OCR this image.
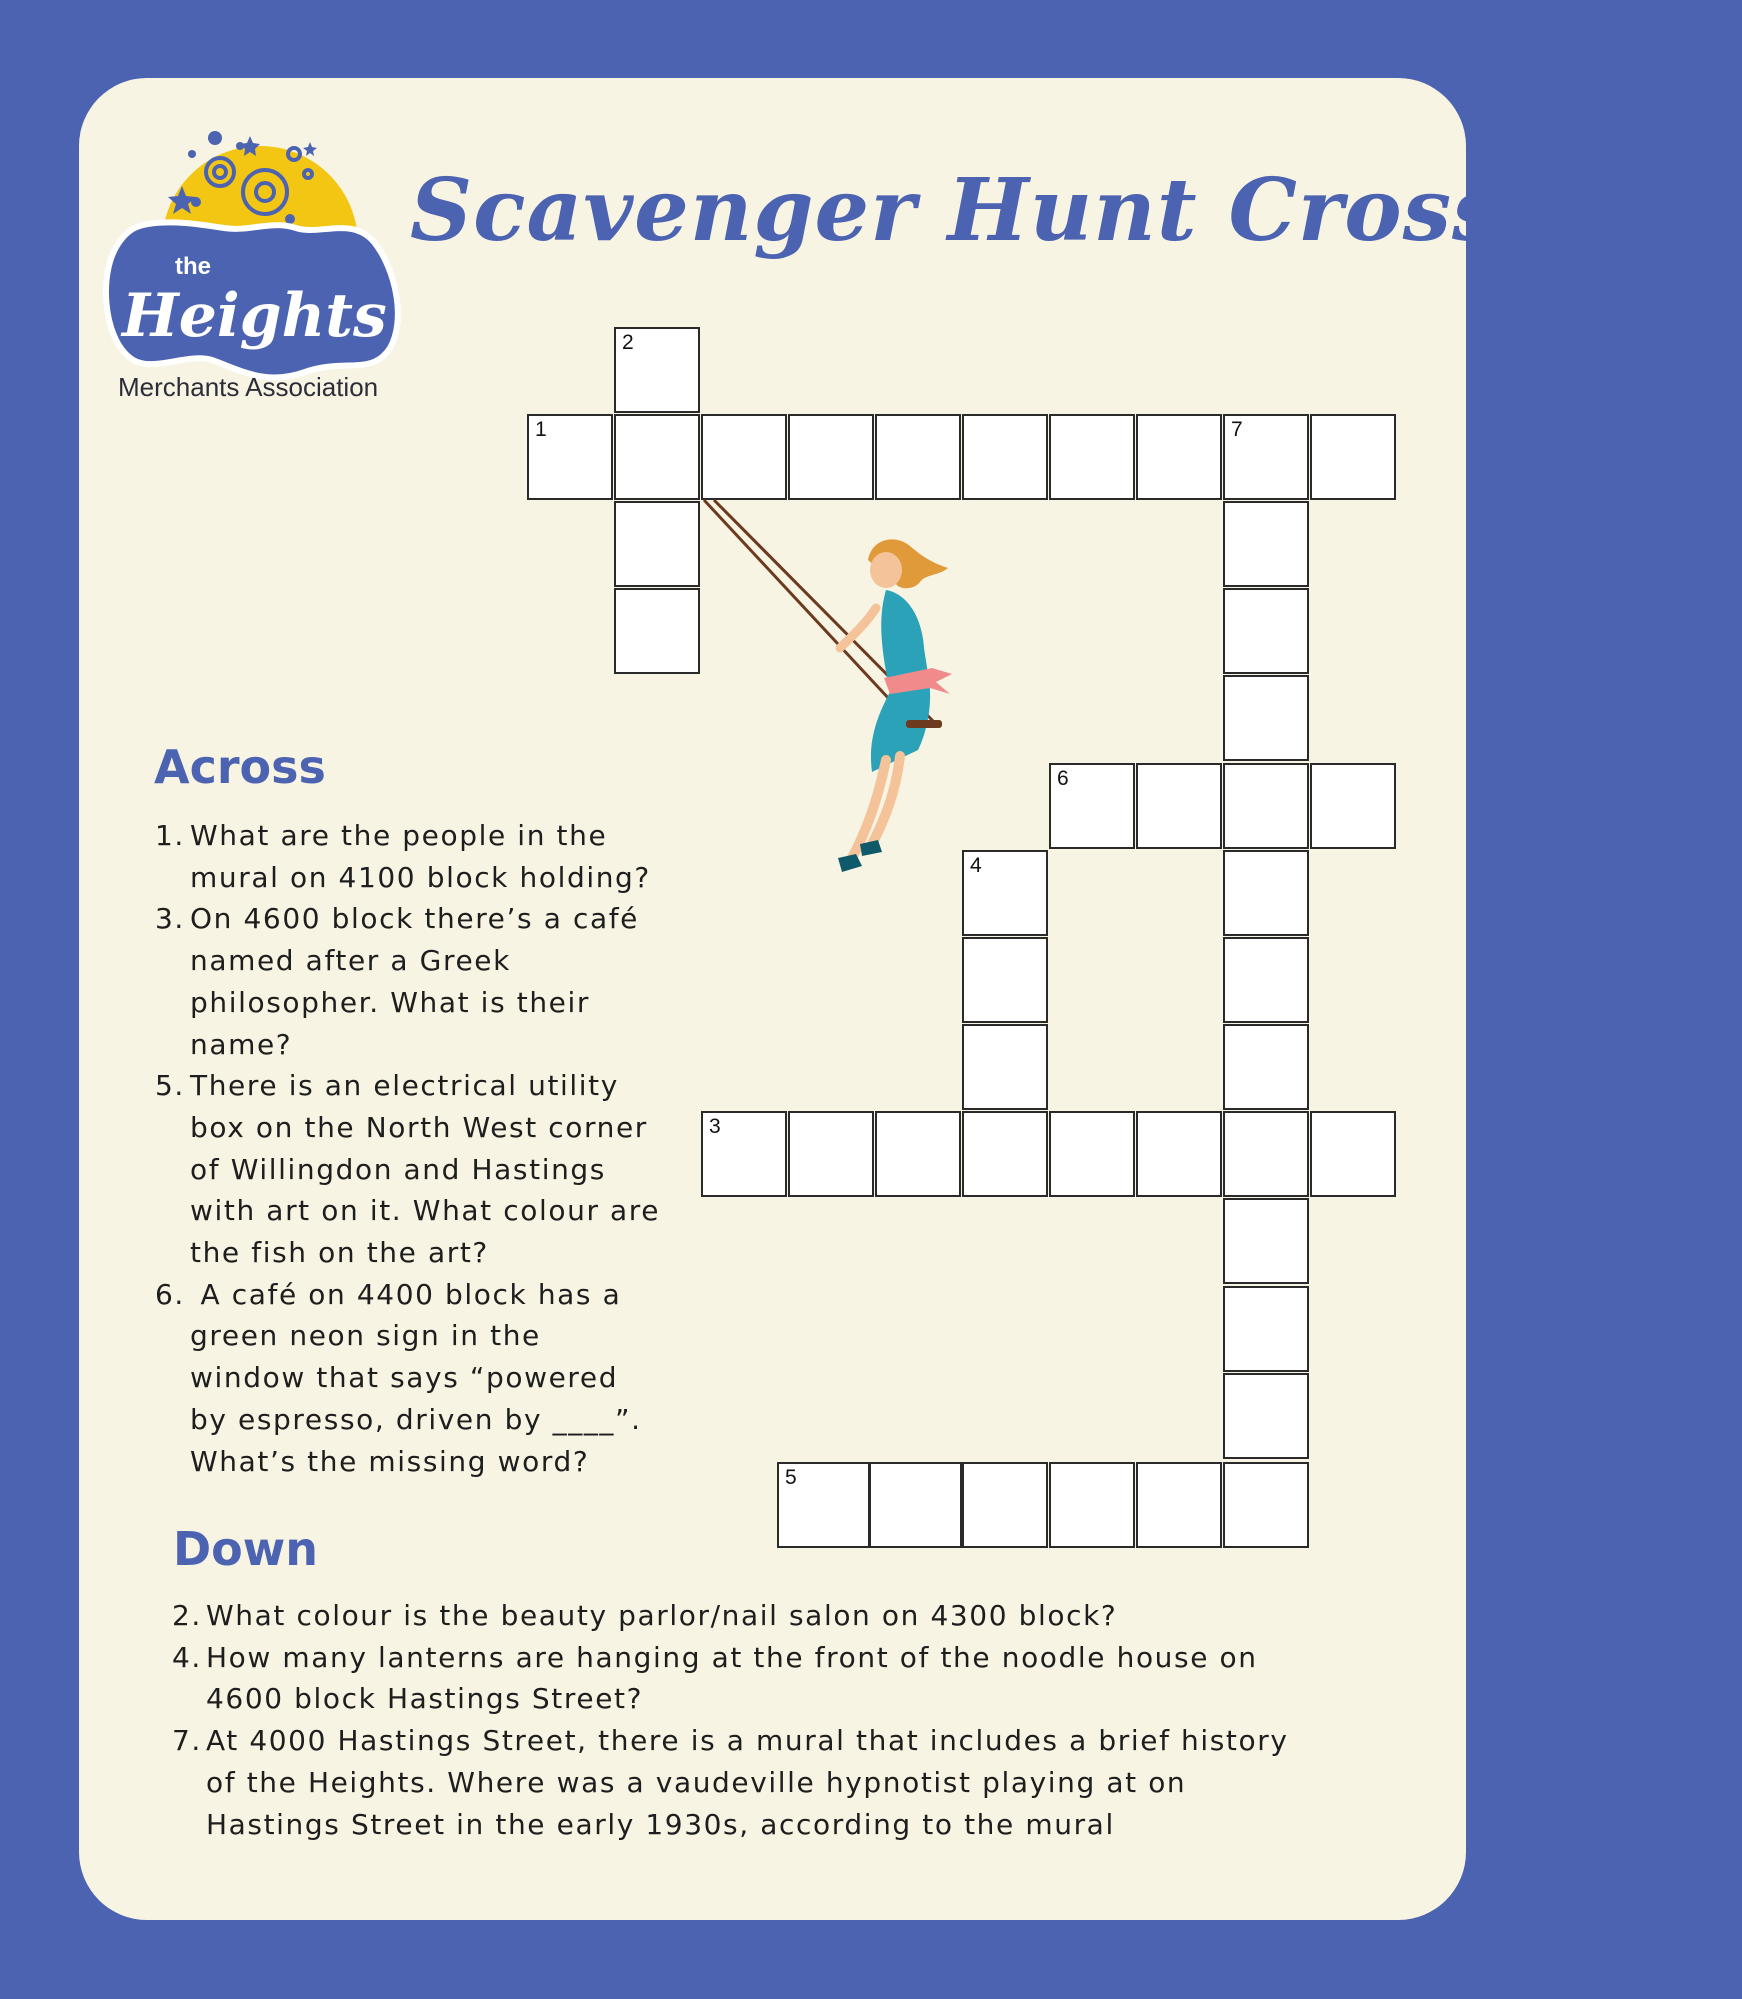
the
Heights
Merchants Association
Scavenger Hunt Crossword
1	7
2
6
4
3
5
Across
1. What are the people in the
mural on 4100 block holding?
3. On 4600 block there’s a café
named after a Greek
philosopher. What is their
name?
5. There is an electrical utility
box on the North West corner
of Willingdon and Hastings
with art on it. What colour are
the fish on the art?
6. A café on 4400 block has a
green neon sign in the
window that says “powered
by espresso, driven by ____”.
What’s the missing word?
Down
2. What colour is the beauty parlor/nail salon on 4300 block?
4. How many lanterns are hanging at the front of the noodle house on
4600 block Hastings Street?
7. At 4000 Hastings Street, there is a mural that includes a brief history
of the Heights. Where was a vaudeville hypnotist playing at on
Hastings Street in the early 1930s, according to the mural
